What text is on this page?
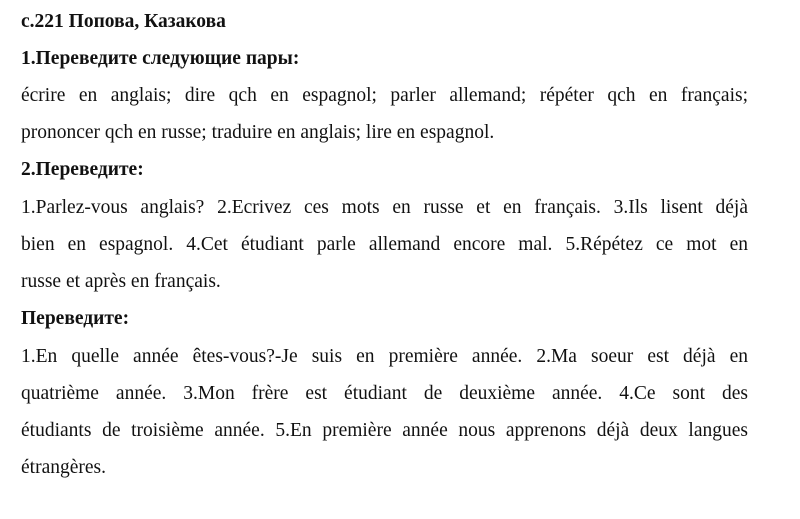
с.221 Попова, Казакова
1.Переведите следующие пары:
écrire en anglais; dire qch en espagnol; parler allemand; répéter qch en français;
prononcer qch en russe; traduire en anglais; lire en espagnol.
2.Переведите:
1.Parlez-vous anglais? 2.Ecrivez ces mots en russe et en français. 3.Ils lisent déjà
bien en espagnol. 4.Cet étudiant parle allemand encore mal. 5.Répétez ce mot en
russe et après en français.
Переведите:
1.En quelle année êtes-vous?-Je suis en première année. 2.Ma soeur est déjà en
quatrième année. 3.Mon frère est étudiant de deuxième année. 4.Ce sont des
étudiants de troisième année. 5.En première année nous apprenons déjà deux langues
étrangères.
